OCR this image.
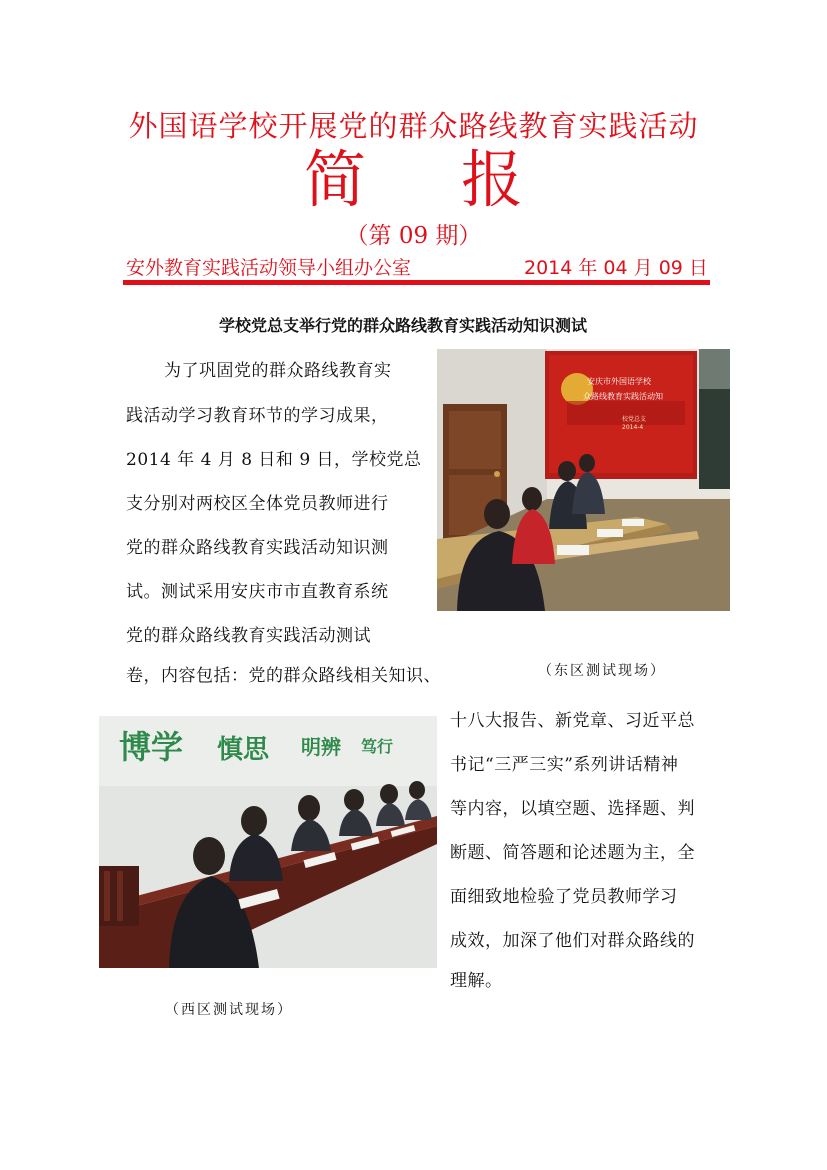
外国语学校开展党的群众路线教育实践活动
简 报
（第 09 期）
安外教育实践活动领导小组办公室	2014 年 04 月 09 日
学校党总支举行党的群众路线教育实践活动知识测试
为了巩固党的群众路线教育实
践活动学习教育环节的学习成果，
2014 年 4 月 8 日和 9 日，学校党总
支分别对两校区全体党员教师进行
党的群众路线教育实践活动知识测
试。测试采用安庆市市直教育系统
党的群众路线教育实践活动测试
卷，内容包括：党的群众路线相关知识、
安庆市外国语学校
众路线教育实践活动知
校党总支
2014-4
（东区测试现场）
博学 慎思 明辨 笃行
（西区测试现场）
十八大报告、新党章、习近平总
书记“三严三实”系列讲话精神
等内容，以填空题、选择题、判
断题、简答题和论述题为主，全
面细致地检验了党员教师学习
成效，加深了他们对群众路线的
理解。
